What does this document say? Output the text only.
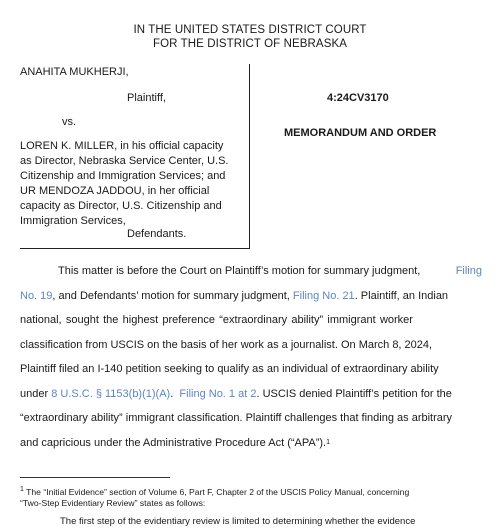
IN THE UNITED STATES DISTRICT COURT
FOR THE DISTRICT OF NEBRASKA
ANAHITA MUKHERJI,
Plaintiff,
vs.
LOREN K. MILLER, in his official capacity
as Director, Nebraska Service Center, U.S.
Citizenship and Immigration Services; and
UR MENDOZA JADDOU, in her official
capacity as Director, U.S. Citizenship and
Immigration Services,
Defendants.
4:24CV3170
MEMORANDUM AND ORDER
This matter is before the Court on Plaintiff’s motion for summary judgment,	Filing
No. 19 , and Defendants’ motion for summary judgment,
Filing No. 21 . Plaintiff, an Indian
national, sought the highest preference “extraordinary ability” immigrant worker
classification from USCIS on the basis of her work as a journalist. On March 8, 2024,
Plaintiff filed an I-140 petition seeking to qualify as an individual of extraordinary ability
under
8 U.S.C. § 1153(b)(1)(A) .
Filing No. 1 at 2 . USCIS denied Plaintiff’s petition for the
“extraordinary ability” immigrant classification. Plaintiff challenges that finding as arbitrary
and capricious under the Administrative Procedure Act (“APA”). 1
$^1$ The “Initial Evidence” section of Volume 6, Part F, Chapter 2 of the USCIS Policy Manual, concerning
“Two-Step Evidentiary Review” states as follows:
The first step of the evidentiary review is limited to determining whether the evidence
